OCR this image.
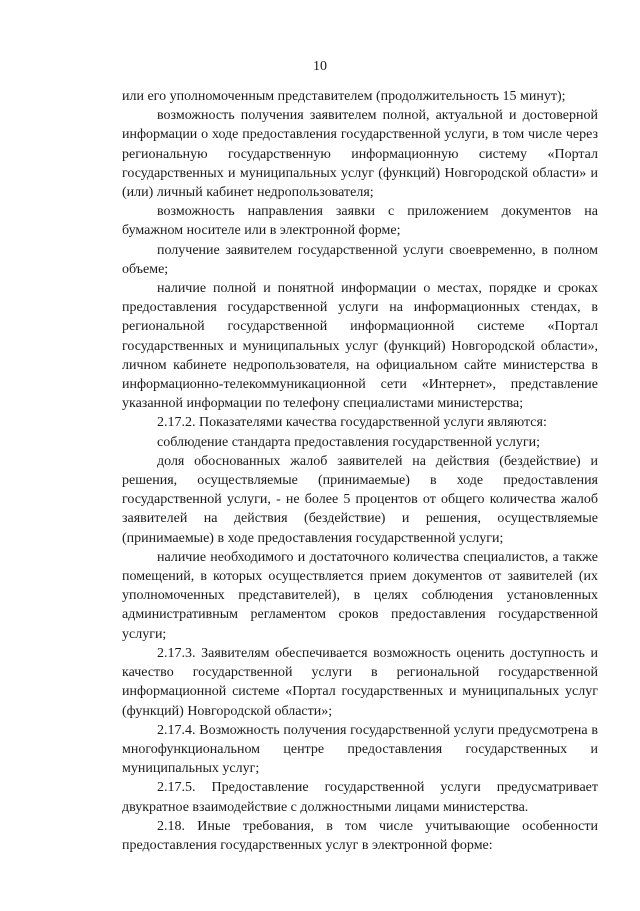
10

или его уполномоченным представителем (продолжительность 15 минут);

возможность получения заявителем полной, актуальной и достоверной информации о ходе предоставления государственной услуги, в том числе через региональную государственную информационную систему «Портал государственных и муниципальных услуг (функций) Новгородской области» и (или) личный кабинет недропользователя;

возможность направления заявки с приложением документов на бумажном носителе или в электронной форме;

получение заявителем государственной услуги своевременно, в полном объеме;

наличие полной и понятной информации о местах, порядке и сроках предоставления государственной услуги на информационных стендах, в региональной государственной информационной системе «Портал государственных и муниципальных услуг (функций) Новгородской области», личном кабинете недропользователя, на официальном сайте министерства в информационно-телекоммуникационной сети «Интернет», представление указанной информации по телефону специалистами министерства;

2.17.2. Показателями качества государственной услуги являются:

соблюдение стандарта предоставления государственной услуги;

доля обоснованных жалоб заявителей на действия (бездействие) и решения, осуществляемые (принимаемые) в ходе предоставления государственной услуги, - не более 5 процентов от общего количества жалоб заявителей на действия (бездействие) и решения, осуществляемые (принимаемые) в ходе предоставления государственной услуги;

наличие необходимого и достаточного количества специалистов, а также помещений, в которых осуществляется прием документов от заявителей (их уполномоченных представителей), в целях соблюдения установленных административным регламентом сроков предоставления государственной услуги;

2.17.3. Заявителям обеспечивается возможность оценить доступность и качество государственной услуги в региональной государственной информационной системе «Портал государственных и муниципальных услуг (функций) Новгородской области»;

2.17.4. Возможность получения государственной услуги предусмотрена в многофункциональном центре предоставления государственных и муниципальных услуг;

2.17.5. Предоставление государственной услуги предусматривает двукратное взаимодействие с должностными лицами министерства.

2.18. Иные требования, в том числе учитывающие особенности предоставления государственных услуг в электронной форме:
